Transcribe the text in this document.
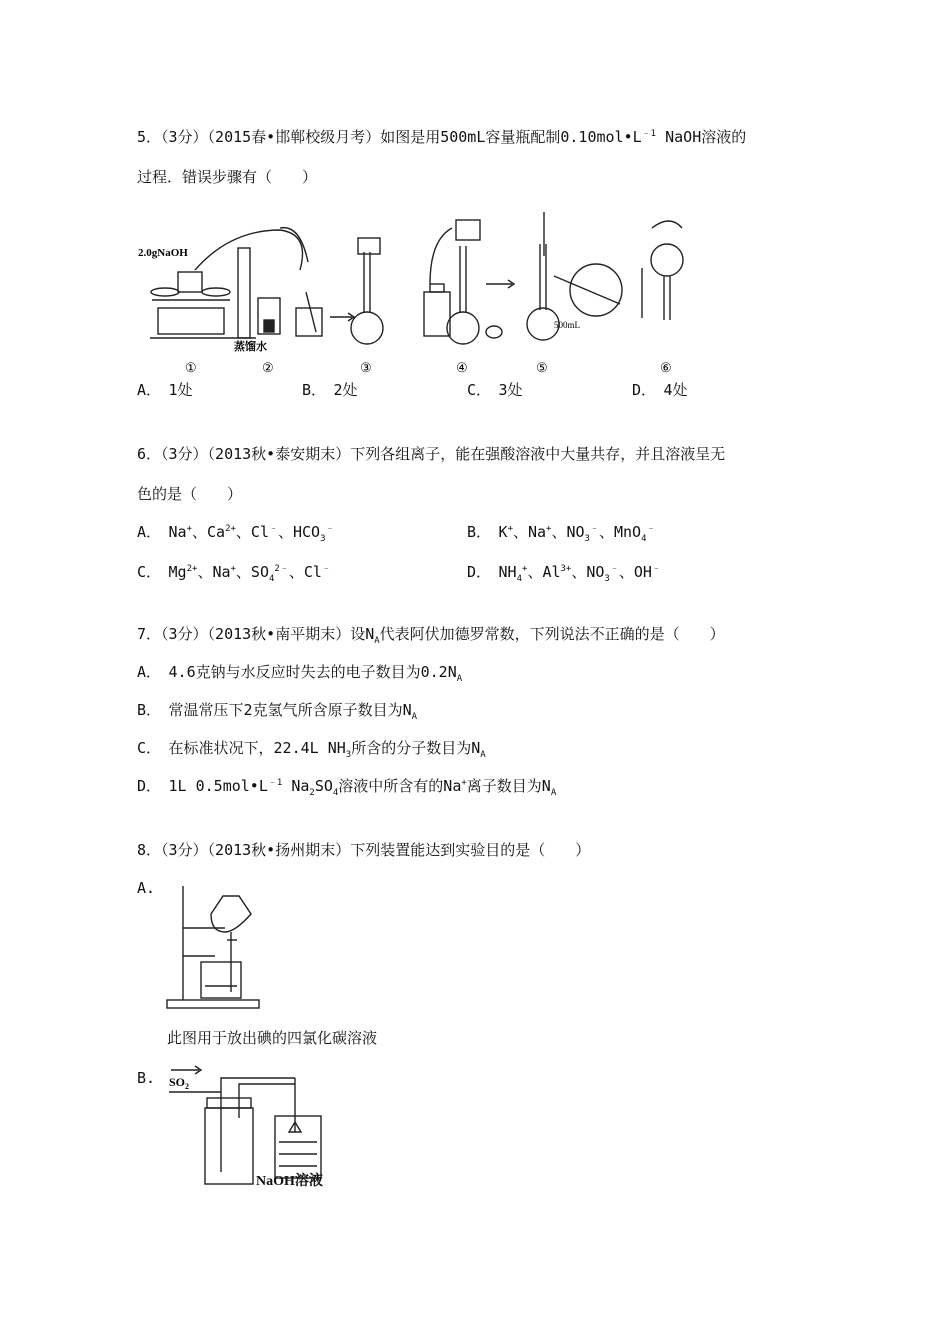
5．（3分）（2015春•邯郸校级月考）如图是用500mL容量瓶配制$0.10mol•L^{﹣1}$ NaOH溶液的
过程．错误步骤有（　　）
2.0gNaOH
蒸馏水
500mL
①	②	③	④	⑤	⑥
A．　1处	B．　2处	C．　3处	D．　4处
6．（3分）（2013秋•泰安期末）下列各组离子，能在强酸溶液中大量共存，并且溶液呈无
色的是（　　）
A．　Na+、$Ca^{2+}$、Cl﹣、$HCO_3^﹣$	B．　K+、Na+、$NO_3^﹣$、MnO$_4$﹣
C．　$Mg^{2+}$、Na+、$SO_4^{2﹣}$、Cl﹣	D．　$NH_4^+$、$Al^{3+}$、$NO_3^﹣$、OH﹣
7．（3分）（2013秋•南平期末）设$N_A$代表阿伏加德罗常数，下列说法不正确的是（　　）
A．　4.6克钠与水反应时失去的电子数目为$0.2N_A$
B．　常温常压下2克氢气所含原子数目为$N_A$
C．　在标准状况下，22.4L $NH_3$所含的分子数目为$N_A$
D．　1L $0.5mol•L^{﹣1}$ $Na_2SO_4$溶液中所含有的Na+离子数目为$N_A$
8．（3分）（2013秋•扬州期末）下列装置能达到实验目的是（　　）
A.
此图用于放出碘的四氯化碳溶液
B. $SO_2$
NaOH溶液
